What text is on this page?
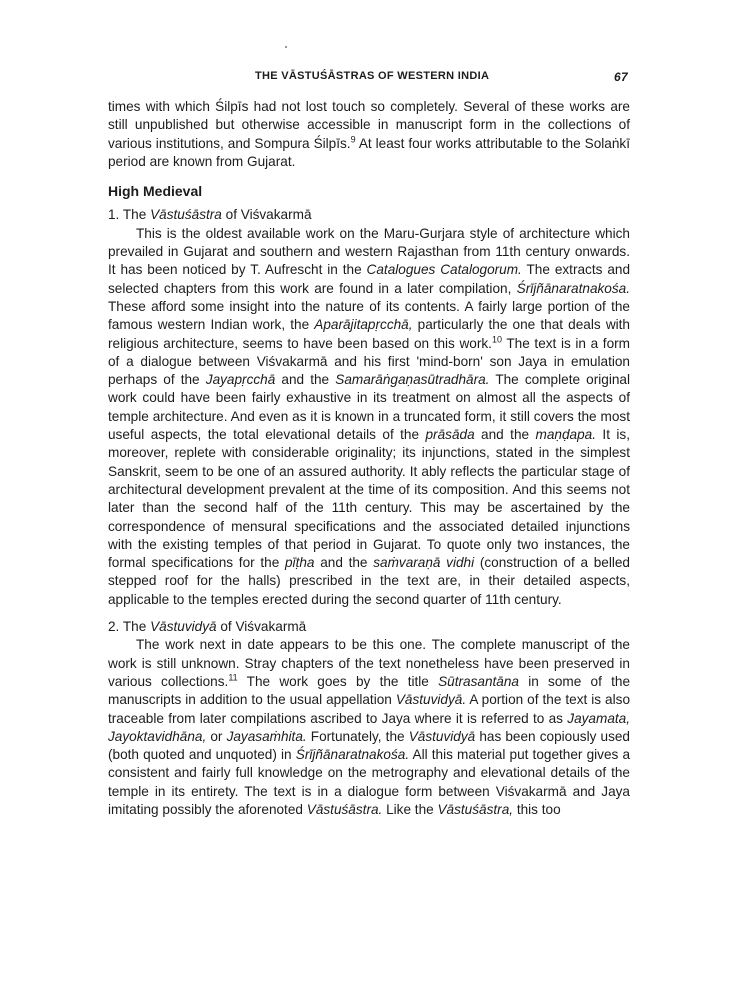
THE VĀSTUŚĀSTRAS OF WESTERN INDIA	67

times with which Śilpīs had not lost touch so completely. Several of these works are still unpublished but otherwise accessible in manuscript form in the collections of various institutions, and Sompura Śilpīs.$^9$ At least four works attributable to the Solaṅkī period are known from Gujarat.

High Medieval

1. The Vāstuśāstra of Viśvakarmā

This is the oldest available work on the Maru-Gurjara style of architecture which prevailed in Gujarat and southern and western Rajasthan from 11th century onwards. It has been noticed by T. Aufrescht in the Catalogues Catalogorum. The extracts and selected chapters from this work are found in a later compilation, Śrījñānaratnakośa. These afford some insight into the nature of its contents. A fairly large portion of the famous western Indian work, the Aparājitapṛcchā, particularly the one that deals with religious architecture, seems to have been based on this work.$^{10}$ The text is in a form of a dialogue between Viśvakarmā and his first 'mind-born' son Jaya in emulation perhaps of the Jayapṛcchā and the Samarāṅgaṇasūtradhāra. The complete original work could have been fairly exhaustive in its treatment on almost all the aspects of temple architecture. And even as it is known in a truncated form, it still covers the most useful aspects, the total elevational details of the prāsāda and the maṇḍapa. It is, moreover, replete with considerable originality; its injunctions, stated in the simplest Sanskrit, seem to be one of an assured authority. It ably reflects the particular stage of architectural development prevalent at the time of its composition. And this seems not later than the second half of the 11th century. This may be ascertained by the correspondence of mensural specifications and the associated detailed injunctions with the existing temples of that period in Gujarat. To quote only two instances, the formal specifications for the pīṭha and the saṁvaraṇā vidhi (construction of a belled stepped roof for the halls) prescribed in the text are, in their detailed aspects, applicable to the temples erected during the second quarter of 11th century.

2. The Vāstuvidyā of Viśvakarmā

The work next in date appears to be this one. The complete manuscript of the work is still unknown. Stray chapters of the text nonetheless have been preserved in various collections.$^{11}$ The work goes by the title Sūtrasantāna in some of the manuscripts in addition to the usual appellation Vāstuvidyā. A portion of the text is also traceable from later compilations ascribed to Jaya where it is referred to as Jayamata, Jayoktavidhāna, or Jayasaṁhita. Fortunately, the Vāstuvidyā has been copiously used (both quoted and unquoted) in Śrījñānaratnakośa. All this material put together gives a consistent and fairly full knowledge on the metrography and elevational details of the temple in its entirety. The text is in a dialogue form between Viśvakarmā and Jaya imitating possibly the aforenoted Vāstuśāstra. Like the Vāstuśāstra, this too
